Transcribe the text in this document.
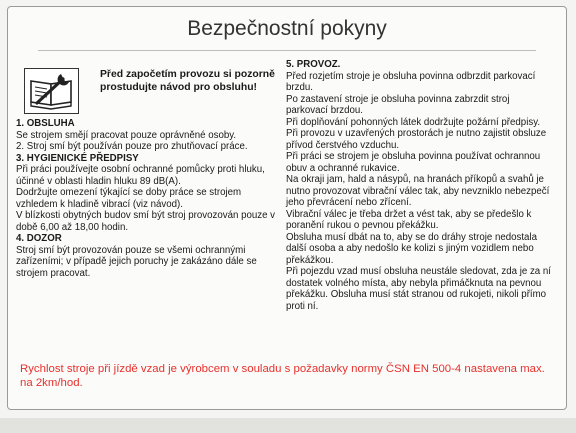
Bezpečnostní pokyny
Před započetím provozu si pozorně prostudujte návod pro obsluhu!
1. OBSLUHA
Se strojem smějí pracovat pouze oprávněné osoby.
2. Stroj smí být používán pouze pro zhutňovací práce.
3. HYGIENICKÉ PŘEDPISY
Při práci používejte osobní ochranné pomůcky proti hluku, účinné v oblasti hladin hluku 89 dB(A).
Dodržujte omezení týkající se doby práce se strojem vzhledem k hladině vibrací (viz návod).
V blízkosti obytných budov smí být stroj provozován pouze v době 6,00 až 18,00 hodin.
4. DOZOR
Stroj smí být provozován pouze se všemi ochrannými zařízeními; v případě jejich poruchy je zakázáno dále se strojem pracovat.
5. PROVOZ.
Před rozjetím stroje je obsluha povinna odbrzdit parkovací brzdu.
Po zastavení stroje je obsluha povinna zabrzdit stroj parkovací brzdou.
Při doplňování pohonných látek dodržujte požární předpisy.
Při provozu v uzavřených prostorách je nutno zajistit obsluze přívod čerstvého vzduchu.
Při práci se strojem je obsluha povinna používat ochrannou obuv a ochranné rukavice.
Na okraji jam, hald a násypů, na hranách příkopů a svahů je nutno provozovat vibrační válec tak, aby nevzniklo nebezpečí jeho převrácení nebo zřícení.
Vibrační válec je třeba držet a vést tak, aby se předešlo k poranění rukou o pevnou překážku.
Obsluha musí dbát na to, aby se do dráhy stroje nedostala další osoba a aby nedošlo ke kolizi s jiným vozidlem nebo překážkou.
Při pojezdu vzad musí obsluha neustále sledovat, zda je za ní dostatek volného místa, aby nebyla přimáčknuta na pevnou překážku. Obsluha musí stát stranou od rukojeti, nikoli přímo proti ní.
Rychlost stroje při jízdě vzad je výrobcem v souladu s požadavky normy ČSN EN 500-4 nastavena max. na 2km/hod.
